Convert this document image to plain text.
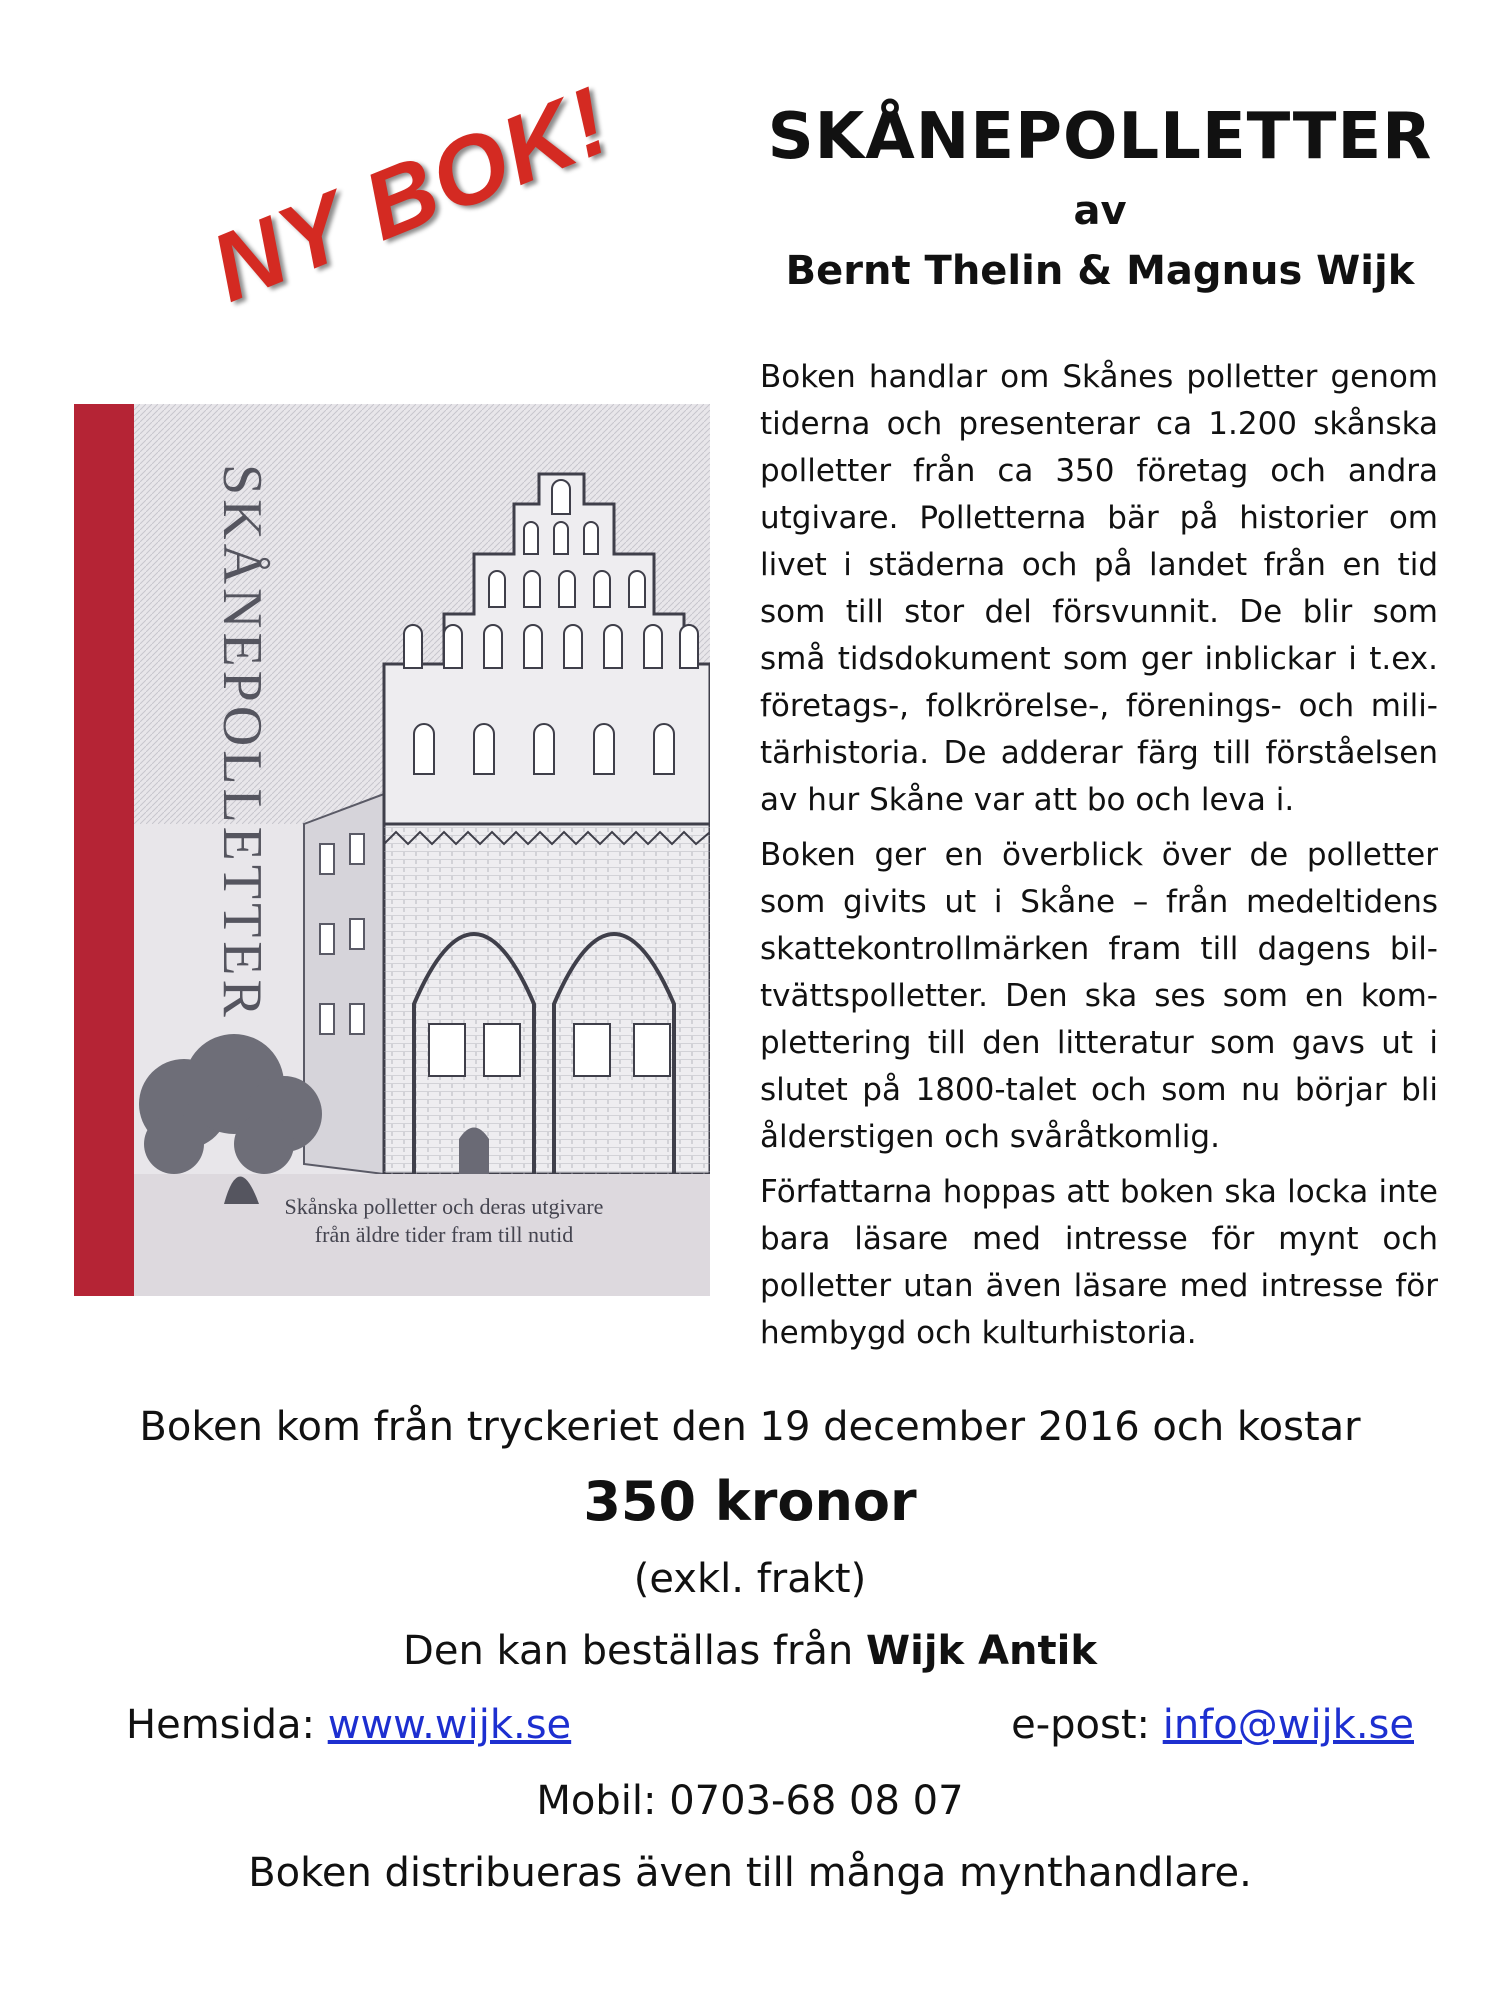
NY BOK!	SKÅNEPOLLETTER
av
Bernt Thelin & Magnus Wijk
SKÅNEPOLLETTER
Skånska polletter och deras utgivare
från äldre tider fram till nutid

Boken handlar om Skånes polletter genom tiderna och presenterar ca 1.200 skånska polletter från ca 350 företag och andra utgivare. Polletterna bär på historier om livet i städerna och på landet från en tid som till stor del försvunnit. De blir som små tidsdokument som ger inblickar i t.ex. företags-, folkrörelse-, förenings- och mili-tärhistoria. De adderar färg till förståelsen av hur Skåne var att bo och leva i.

Boken ger en överblick över de polletter som givits ut i Skåne – från medeltidens skattekontrollmärken fram till dagens bil-tvättspolletter. Den ska ses som en kom-plettering till den litteratur som gavs ut i slutet på 1800-talet och som nu börjar bli ålderstigen och svåråtkomlig.

Författarna hoppas att boken ska locka inte bara läsare med intresse för mynt och polletter utan även läsare med intresse för hembygd och kulturhistoria.

Boken kom från tryckeriet den 19 december 2016 och kostar
350 kronor
(exkl. frakt)
Den kan beställas från Wijk Antik
Hemsida: www.wijk.se	e-post: info@wijk.se
Mobil: 0703-68 08 07
Boken distribueras även till många mynthandlare.
